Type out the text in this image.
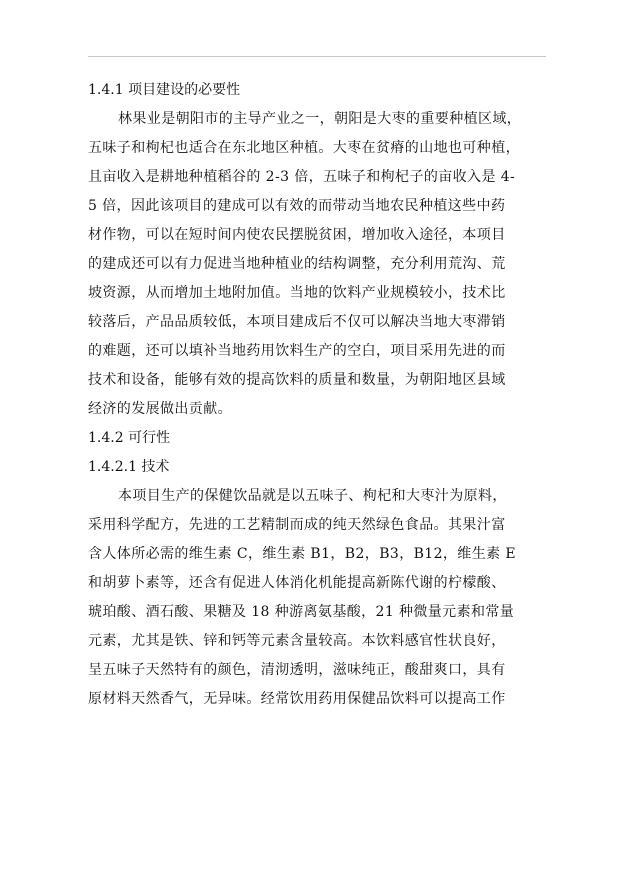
1.4.1 项目建设的必要性
林果业是朝阳市的主导产业之一，朝阳是大枣的重要种植区域，
五味子和枸杞也适合在东北地区种植。大枣在贫瘠的山地也可种植，
且亩收入是耕地种植稻谷的 2-3 倍，五味子和枸杞子的亩收入是 4-
5 倍，因此该项目的建成可以有效的而带动当地农民种植这些中药
材作物，可以在短时间内使农民摆脱贫困，增加收入途径，本项目
的建成还可以有力促进当地种植业的结构调整，充分利用荒沟、荒
坡资源，从而增加土地附加值。当地的饮料产业规模较小，技术比
较落后，产品品质较低，本项目建成后不仅可以解决当地大枣滞销
的难题，还可以填补当地药用饮料生产的空白，项目采用先进的而
技术和设备，能够有效的提高饮料的质量和数量，为朝阳地区县域
经济的发展做出贡献。
1.4.2 可行性
1.4.2.1 技术
本项目生产的保健饮品就是以五味子、枸杞和大枣汁为原料，
采用科学配方，先进的工艺精制而成的纯天然绿色食品。其果汁富
含人体所必需的维生素 C，维生素 B1，B2，B3，B12，维生素 E
和胡萝卜素等，还含有促进人体消化机能提高新陈代谢的柠檬酸、
琥珀酸、酒石酸、果糖及 18 种游离氨基酸，21 种微量元素和常量
元素，尤其是铁、锌和钙等元素含量较高。本饮料感官性状良好，
呈五味子天然特有的颜色，清沏透明，滋味纯正，酸甜爽口，具有
原材料天然香气，无异味。经常饮用药用保健品饮料可以提高工作
